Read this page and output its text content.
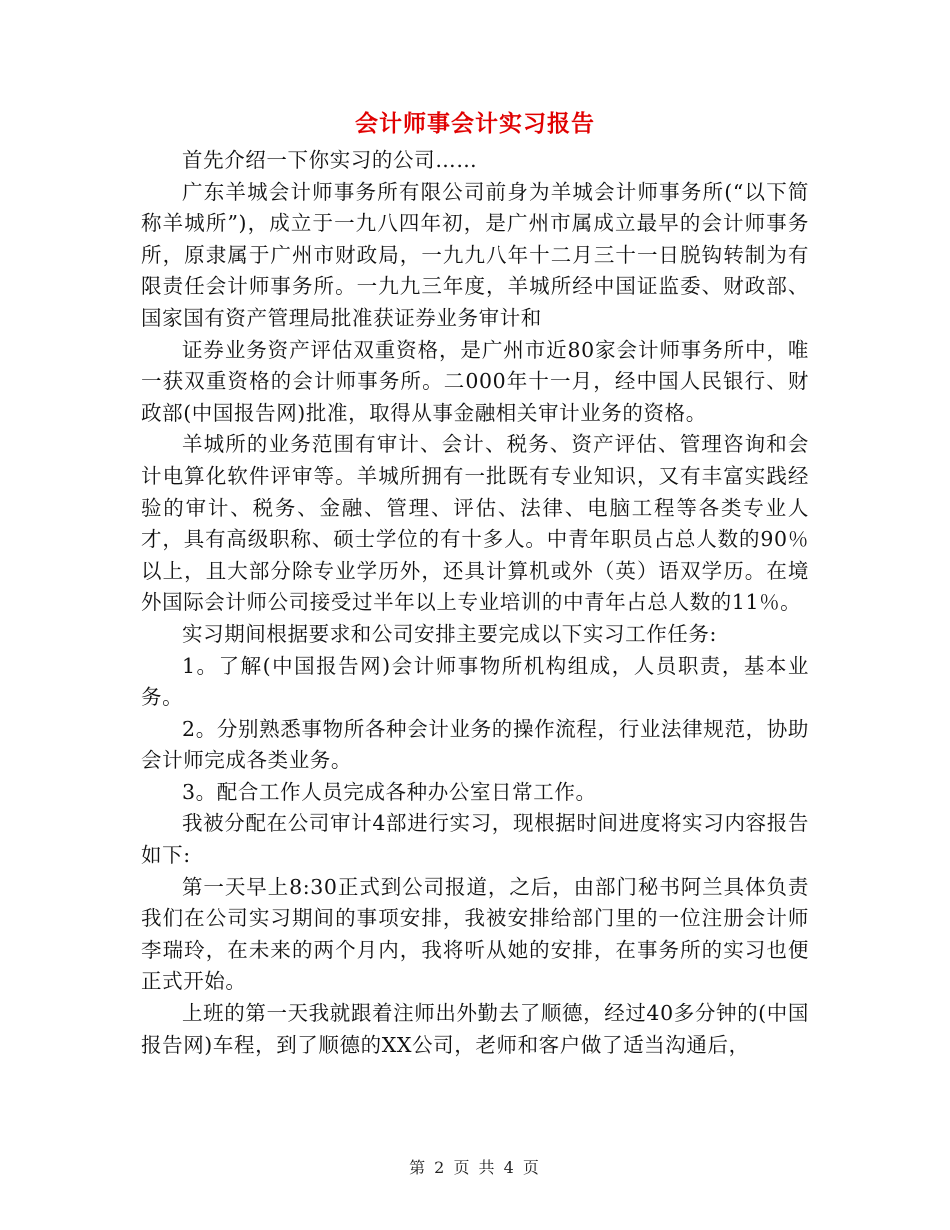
会计师事会计实习报告

首先介绍一下你实习的公司……

广东羊城会计师事务所有限公司前身为羊城会计师事务所(“以下简称羊城所”)，成立于一九八四年初，是广州市属成立最早的会计师事务所，原隶属于广州市财政局，一九九八年十二月三十一日脱钩转制为有限责任会计师事务所。一九九三年度，羊城所经中国证监委、财政部、国家国有资产管理局批准获证券业务审计和

证券业务资产评估双重资格，是广州市近80家会计师事务所中，唯一获双重资格的会计师事务所。二000年十一月，经中国人民银行、财政部(中国报告网)批准，取得从事金融相关审计业务的资格。

羊城所的业务范围有审计、会计、税务、资产评估、管理咨询和会计电算化软件评审等。羊城所拥有一批既有专业知识，又有丰富实践经验的审计、税务、金融、管理、评估、法律、电脑工程等各类专业人才，具有高级职称、硕士学位的有十多人。中青年职员占总人数的90％以上，且大部分除专业学历外，还具计算机或外（英）语双学历。在境外国际会计师公司接受过半年以上专业培训的中青年占总人数的11％。

实习期间根据要求和公司安排主要完成以下实习工作任务:

1。了解(中国报告网)会计师事物所机构组成，人员职责，基本业务。

2。分别熟悉事物所各种会计业务的操作流程，行业法律规范，协助会计师完成各类业务。

3。配合工作人员完成各种办公室日常工作。

我被分配在公司审计4部进行实习，现根据时间进度将实习内容报告如下:

第一天早上8:30正式到公司报道，之后，由部门秘书阿兰具体负责我们在公司实习期间的事项安排，我被安排给部门里的一位注册会计师李瑞玲，在未来的两个月内，我将听从她的安排，在事务所的实习也便正式开始。

上班的第一天我就跟着注师出外勤去了顺德，经过40多分钟的(中国报告网)车程，到了顺德的XX公司，老师和客户做了适当沟通后，

第 2 页 共 4 页
